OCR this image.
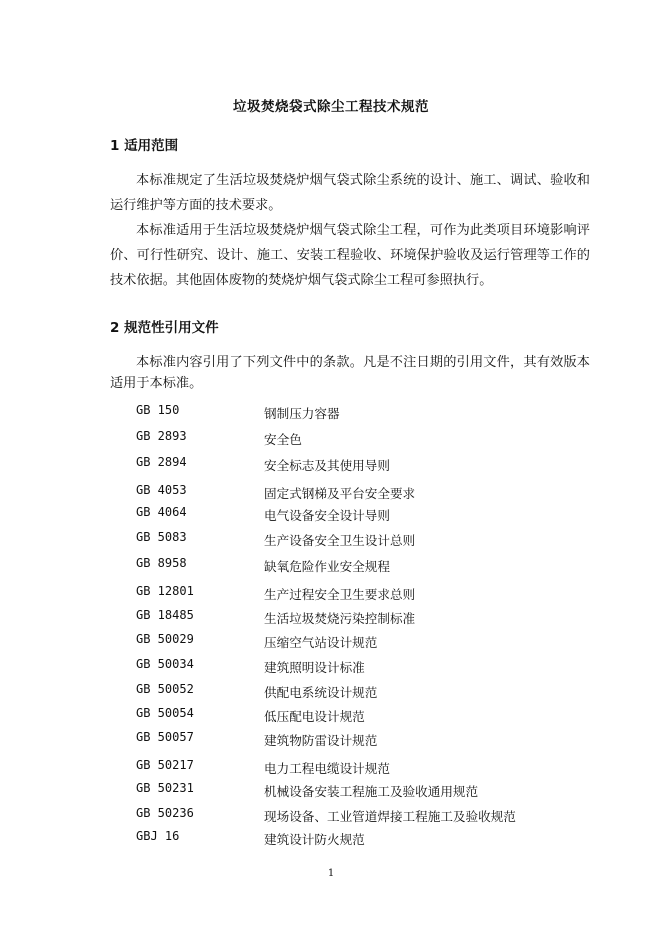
垃圾焚烧袋式除尘工程技术规范
1 适用范围

本标准规定了生活垃圾焚烧炉烟气袋式除尘系统的设计、施工、调试、验收和运行维护等方面的技术要求。

本标准适用于生活垃圾焚烧炉烟气袋式除尘工程，可作为此类项目环境影响评价、可行性研究、设计、施工、安装工程验收、环境保护验收及运行管理等工作的技术依据。其他固体废物的焚烧炉烟气袋式除尘工程可参照执行。

2 规范性引用文件

本标准内容引用了下列文件中的条款。凡是不注日期的引用文件，其有效版本适用于本标准。

GB 150	钢制压力容器
GB 2893	安全色
GB 2894	安全标志及其使用导则
GB 4053	固定式钢梯及平台安全要求
GB 4064	电气设备安全设计导则
GB 5083	生产设备安全卫生设计总则
GB 8958	缺氧危险作业安全规程
GB 12801	生产过程安全卫生要求总则
GB 18485	生活垃圾焚烧污染控制标准
GB 50029	压缩空气站设计规范
GB 50034	建筑照明设计标准
GB 50052	供配电系统设计规范
GB 50054	低压配电设计规范
GB 50057	建筑物防雷设计规范
GB 50217	电力工程电缆设计规范
GB 50231	机械设备安装工程施工及验收通用规范
GB 50236	现场设备、工业管道焊接工程施工及验收规范
GBJ 16	建筑设计防火规范
1
